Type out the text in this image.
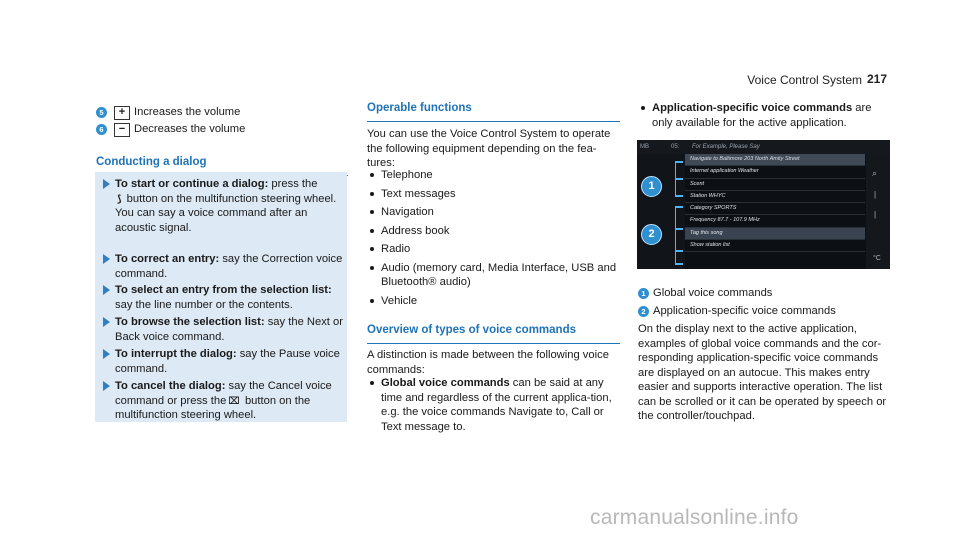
Voice Control System 217
5	+ Increases the volume
6	− Decreases the volume
Conducting a dialog
To start or continue a dialog: press the
⟆ button on the multifunction steering wheel.
You can say a voice command after an acoustic signal.
To correct an entry: say the Correction voice command.
To select an entry from the selection list: say the line number or the contents.
To browse the selection list: say the Next or Back voice command.
To interrupt the dialog: say the Pause voice command.
To cancel the dialog: say the Cancel voice command or press the ⌧ button on the multifunction steering wheel.
Operable functions
You can use the Voice Control System to operate the following equipment depending on the fea-tures:
Telephone
Text messages
Navigation
Address book
Radio
Audio (memory card, Media Interface, USB and Bluetooth® audio)
Vehicle
Overview of types of voice commands
A distinction is made between the following voice commands:
Global voice commands can be said at any time and regardless of the current applica-tion, e.g. the voice commands Navigate to, Call or Text message to.
Application-specific voice commands are only available for the active application.
MB	05: For Example, Please Say
Navigate to Baltimore 203 North Amity Street
Internet application Weather
Scent
Station WHYC
Category SPORTS
Frequency 87.7 - 107.9 MHz
Tag this song
Show station list
⌕
|
|
°C
1
2
1 Global voice commands
2 Application-specific voice commands
On the display next to the active application, examples of global voice commands and the cor-responding application-specific voice commands are displayed on an autocue. This makes entry easier and supports interactive operation. The list can be scrolled or it can be operated by speech or the controller/touchpad.
carmanualsonline.info
